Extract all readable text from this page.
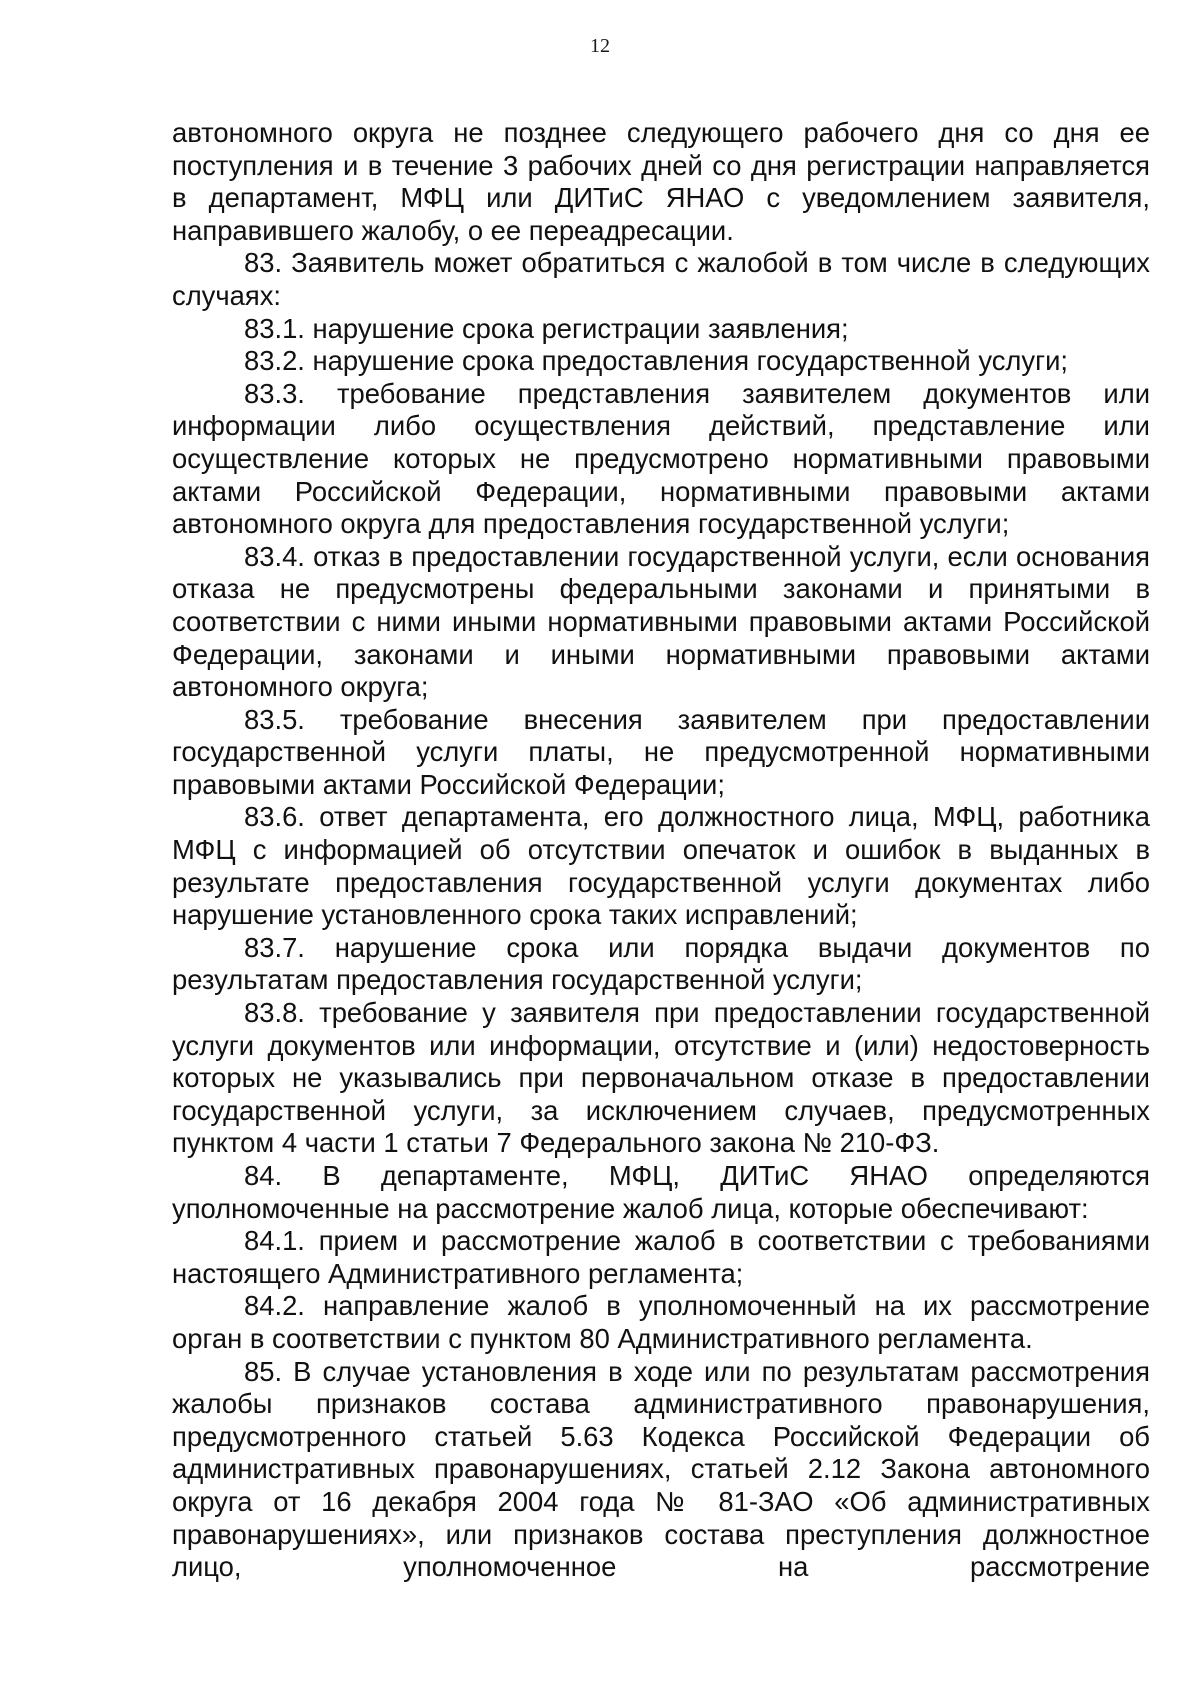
12

автономного округа не позднее следующего рабочего дня со дня ее поступления и в течение 3 рабочих дней со дня регистрации направляется в департамент, МФЦ или ДИТиС ЯНАО с уведомлением заявителя, направившего жалобу, о ее переадресации.

83. Заявитель может обратиться с жалобой в том числе в следующих случаях:

83.1. нарушение срока регистрации заявления;

83.2. нарушение срока предоставления государственной услуги;

83.3. требование представления заявителем документов или информации либо осуществления действий, представление или осуществление которых не предусмотрено нормативными правовыми актами Российской Федерации, нормативными правовыми актами автономного округа для предоставления государственной услуги;

83.4. отказ в предоставлении государственной услуги, если основания отказа не предусмотрены федеральными законами и принятыми в соответствии с ними иными нормативными правовыми актами Российской Федерации, законами и иными нормативными правовыми актами автономного округа;

83.5. требование внесения заявителем при предоставлении государственной услуги платы, не предусмотренной нормативными правовыми актами Российской Федерации;

83.6. ответ департамента, его должностного лица, МФЦ, работника МФЦ с информацией об отсутствии опечаток и ошибок в выданных в результате предоставления государственной услуги документах либо нарушение установленного срока таких исправлений;

83.7. нарушение срока или порядка выдачи документов по результатам предоставления государственной услуги;

83.8. требование у заявителя при предоставлении государственной услуги документов или информации, отсутствие и (или) недостоверность которых не указывались при первоначальном отказе в предоставлении государственной услуги, за исключением случаев, предусмотренных пунктом 4 части 1 статьи 7 Федерального закона № 210-ФЗ.

84. В департаменте, МФЦ, ДИТиС ЯНАО определяются уполномоченные на рассмотрение жалоб лица, которые обеспечивают:

84.1. прием и рассмотрение жалоб в соответствии с требованиями настоящего Административного регламента;

84.2. направление жалоб в уполномоченный на их рассмотрение орган в соответствии с пунктом 80 Административного регламента.

85. В случае установления в ходе или по результатам рассмотрения жалобы признаков состава административного правонарушения, предусмотренного статьей 5.63 Кодекса Российской Федерации об административных правонарушениях, статьей 2.12 Закона автономного округа от 16 декабря 2004 года № 81-ЗАО «Об административных правонарушениях», или признаков состава преступления должностное лицо, уполномоченное на рассмотрение
